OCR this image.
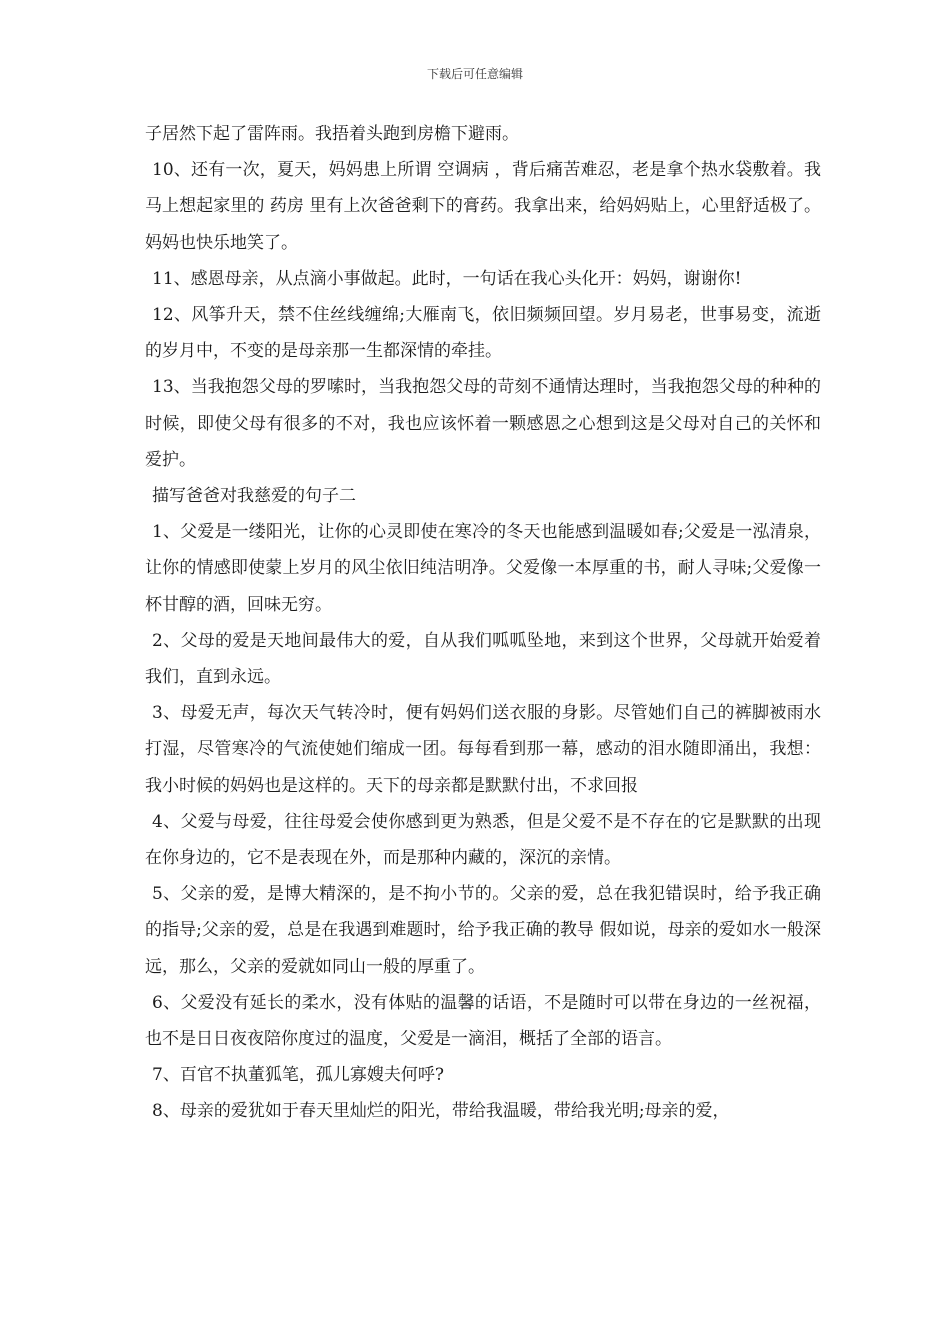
下载后可任意编辑

子居然下起了雷阵雨。我捂着头跑到房檐下避雨。

10、还有一次，夏天，妈妈患上所谓 空调病 ，背后痛苦难忍，老是拿个热水袋敷着。我马上想起家里的 药房 里有上次爸爸剩下的膏药。我拿出来，给妈妈贴上，心里舒适极了。妈妈也快乐地笑了。

11、感恩母亲，从点滴小事做起。此时，一句话在我心头化开：妈妈，谢谢你!

12、风筝升天，禁不住丝线缠绵;大雁南飞，依旧频频回望。岁月易老，世事易变，流逝的岁月中，不变的是母亲那一生都深情的牵挂。

13、当我抱怨父母的罗嗦时，当我抱怨父母的苛刻不通情达理时，当我抱怨父母的种种的时候，即使父母有很多的不对，我也应该怀着一颗感恩之心想到这是父母对自己的关怀和爱护。

描写爸爸对我慈爱的句子二

1、父爱是一缕阳光，让你的心灵即使在寒冷的冬天也能感到温暖如春;父爱是一泓清泉，让你的情感即使蒙上岁月的风尘依旧纯洁明净。父爱像一本厚重的书，耐人寻味;父爱像一杯甘醇的酒，回味无穷。

2、父母的爱是天地间最伟大的爱，自从我们呱呱坠地，来到这个世界，父母就开始爱着我们，直到永远。

3、母爱无声，每次天气转冷时，便有妈妈们送衣服的身影。尽管她们自己的裤脚被雨水打湿，尽管寒冷的气流使她们缩成一团。每每看到那一幕，感动的泪水随即涌出，我想：我小时候的妈妈也是这样的。天下的母亲都是默默付出，不求回报

4、父爱与母爱，往往母爱会使你感到更为熟悉，但是父爱不是不存在的它是默默的出现在你身边的，它不是表现在外，而是那种内藏的，深沉的亲情。

5、父亲的爱，是博大精深的，是不拘小节的。父亲的爱，总在我犯错误时，给予我正确的指导;父亲的爱，总是在我遇到难题时，给予我正确的教导 假如说，母亲的爱如水一般深远，那么，父亲的爱就如同山一般的厚重了。

6、父爱没有延长的柔水，没有体贴的温馨的话语，不是随时可以带在身边的一丝祝福，也不是日日夜夜陪你度过的温度，父爱是一滴泪，概括了全部的语言。

7、百官不执董狐笔，孤儿寡嫂夫何呼?

8、母亲的爱犹如于春天里灿烂的阳光，带给我温暖，带给我光明;母亲的爱，
